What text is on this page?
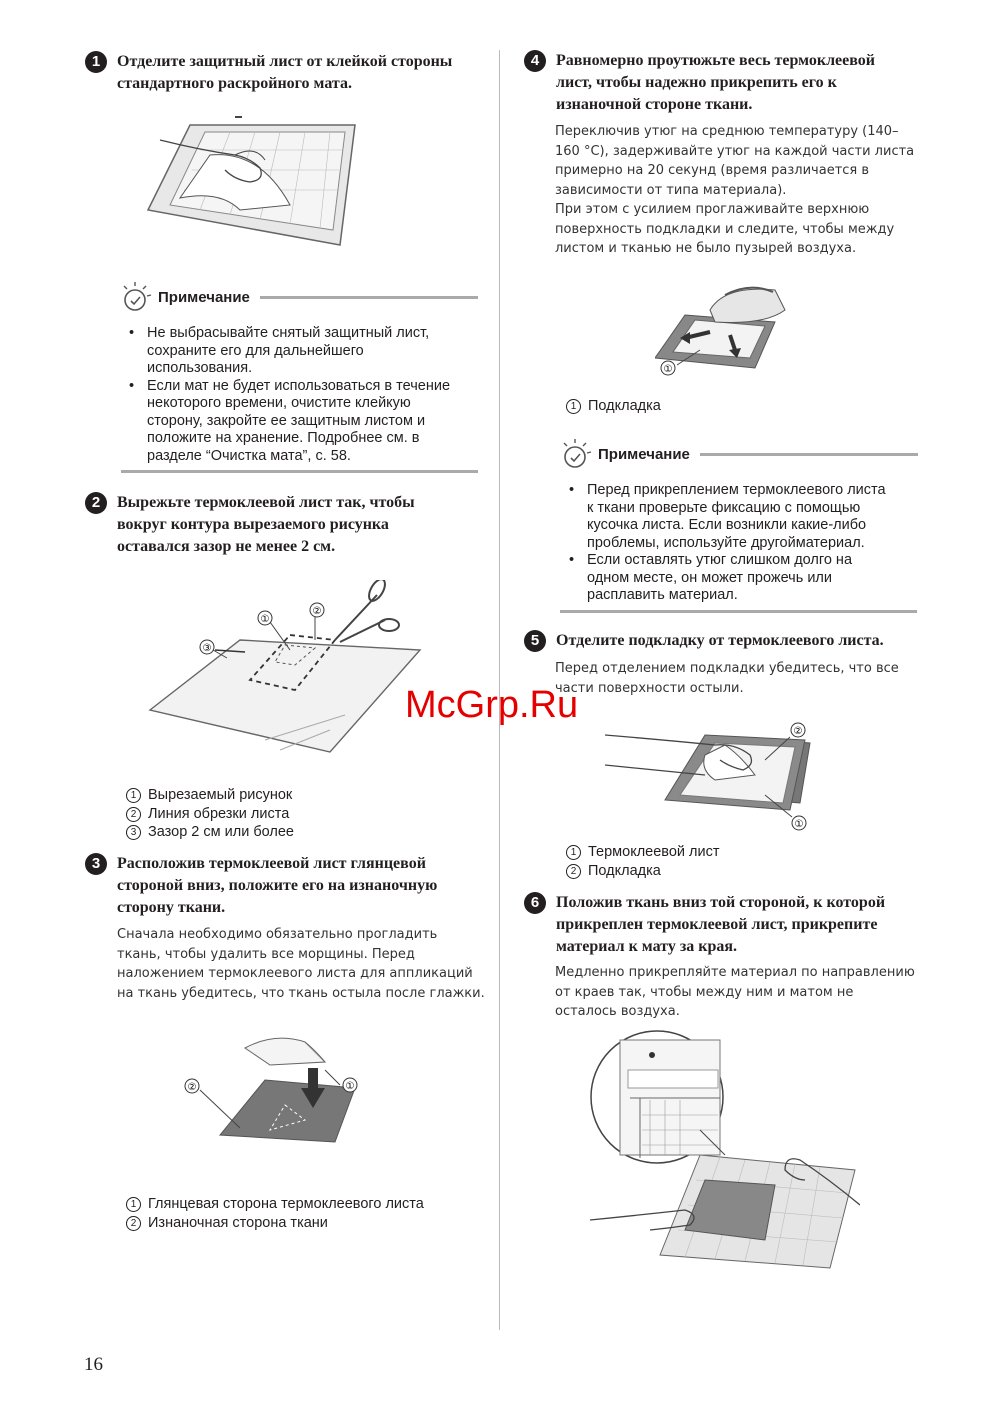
1	Отделите защитный лист от клейкой стороны
стандартного раскройного мата.
Примечание
• Не выбрасывайте снятый защитный лист,
сохраните его для дальнейшего
использования.
• Если мат не будет использоваться в течение
некоторого времени, очистите клейкую
сторону, закройте ее защитным листом и
положите на хранение. Подробнее см. в
разделе “Очистка мата”, с. 58.
2	Вырежьте термоклеевой лист так, чтобы
вокруг контура вырезаемого рисунка
оставался зазор не менее 2 см.
①
②
③
1 Вырезаемый рисунок
2 Линия обрезки листа
3 Зазор 2 см или более
3	Расположив термоклеевой лист глянцевой
стороной вниз, положите его на изнаночную
сторону ткани.
Сначала необходимо обязательно прогладить
ткань, чтобы удалить все морщины. Перед
наложением термоклеевого листа для аппликаций
на ткань убедитесь, что ткань остыла после глажки.
②	①
1 Глянцевая сторона термоклеевого листа
2 Изнаночная сторона ткани
4	Равномерно проутюжьте весь термоклеевой
лист, чтобы надежно прикрепить его к
изнаночной стороне ткани.
Переключив утюг на среднюю температуру (140–
160 °C), задерживайте утюг на каждой части листа
примерно на 20 секунд (время различается в
зависимости от типа материала).
При этом с усилием проглаживайте верхнюю
поверхность подкладки и следите, чтобы между
листом и тканью не было пузырей воздуха.
①
1 Подкладка
Примечание
• Перед прикреплением термоклеевого листа
к ткани проверьте фиксацию с помощью
кусочка листа. Если возникли какие-либо
проблемы, используйте другойматериал.
• Если оставлять утюг слишком долго на
одном месте, он может прожечь или
расплавить материал.
5	Отделите подкладку от термоклеевого листа.
Перед отделением подкладки убедитесь, что все
части поверхности остыли.
②
①
1 Термоклеевой лист
2 Подкладка
6	Положив ткань вниз той стороной, к которой
прикреплен термоклеевой лист, прикрепите
материал к мату за края.
Медленно прикрепляйте материал по направлению
от краев так, чтобы между ним и матом не
осталось воздуха.
16
McGrp.Ru
